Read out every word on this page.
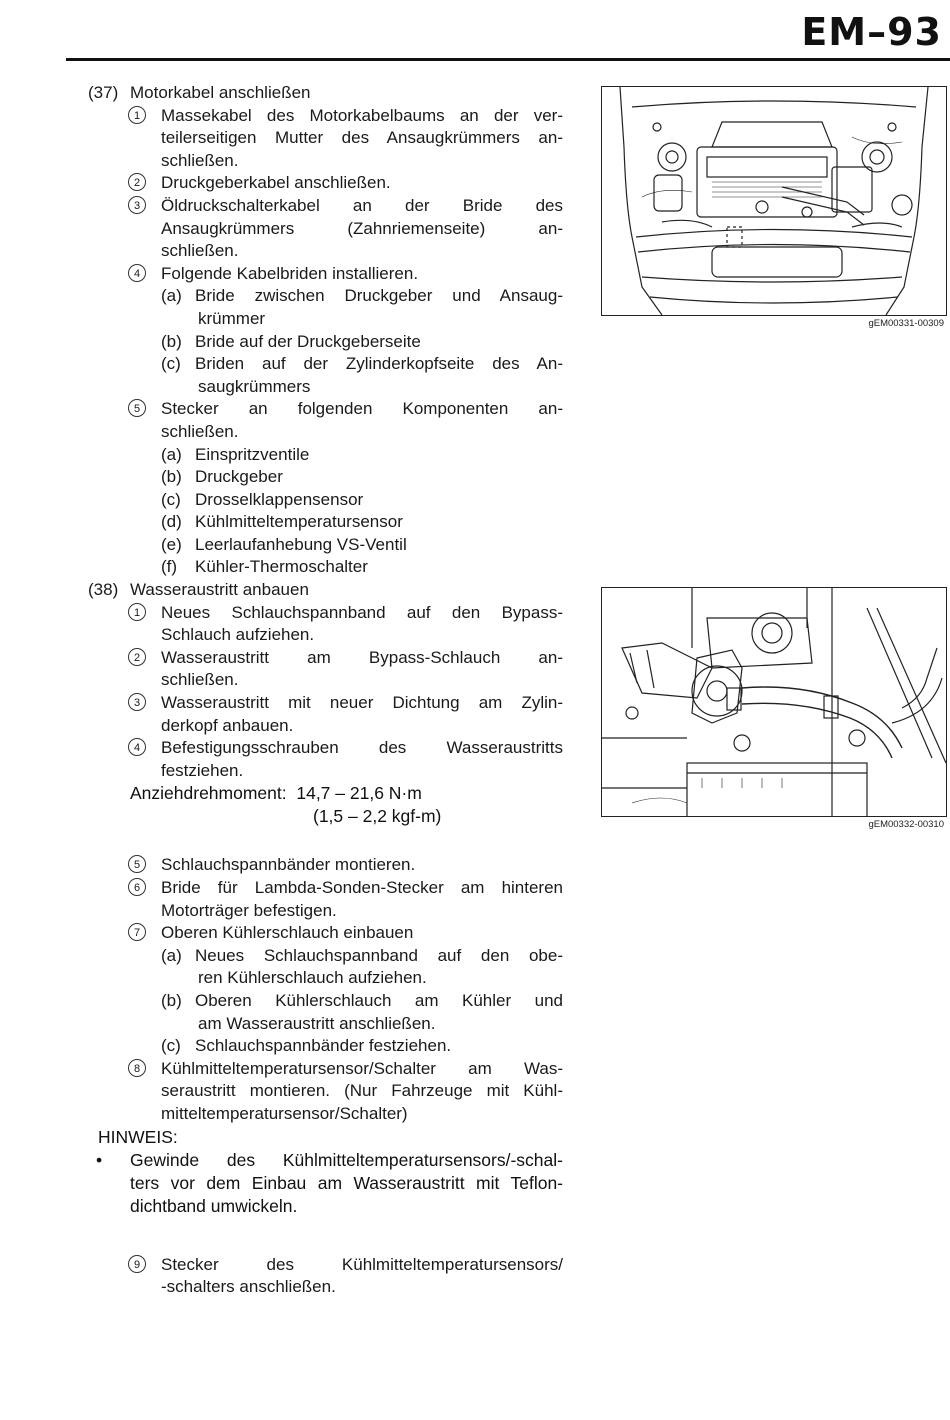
EM–93
(37) Motorkabel anschließen
1	Massekabel des Motorkabelbaums an der ver-
teilerseitigen Mutter des Ansaugkrümmers an-
schließen.
2	Druckgeberkabel anschließen.
3	Öldruckschalterkabel an der Bride des
Ansaugkrümmers (Zahnriemenseite) an-
schließen.
4	Folgende Kabelbriden installieren.
(a) Bride zwischen Druckgeber und Ansaug-
krümmer
(b) Bride auf der Druckgeberseite
(c) Briden auf der Zylinderkopfseite des An-
saugkrümmers
5	Stecker an folgenden Komponenten an-
schließen.
(a) Einspritzventile
(b) Druckgeber
(c) Drosselklappensensor
(d) Kühlmitteltemperatursensor
(e) Leerlaufanhebung VS-Ventil
(f) Kühler-Thermoschalter
(38) Wasseraustritt anbauen
1	Neues Schlauchspannband auf den Bypass-
Schlauch aufziehen.
2	Wasseraustritt am Bypass-Schlauch an-
schließen.
3	Wasseraustritt mit neuer Dichtung am Zylin-
derkopf anbauen.
4	Befestigungsschrauben des Wasseraustritts
festziehen.
Anziehdrehmoment: 14,7 – 21,6 N·m
(1,5 – 2,2 kgf-m)
5	Schlauchspannbänder montieren.
6	Bride für Lambda-Sonden-Stecker am hinteren
Motorträger befestigen.
7	Oberen Kühlerschlauch einbauen
(a) Neues Schlauchspannband auf den obe-
ren Kühlerschlauch aufziehen.
(b) Oberen Kühlerschlauch am Kühler und
am Wasseraustritt anschließen.
(c) Schlauchspannbänder festziehen.
8	Kühlmitteltemperatursensor/Schalter am Was-
seraustritt montieren. (Nur Fahrzeuge mit Kühl-
mitteltemperatursensor/Schalter)
HINWEIS:
• Gewinde des Kühlmitteltemperatursensors/-schal-
ters vor dem Einbau am Wasseraustritt mit Teflon-
dichtband umwickeln.
9	Stecker des Kühlmitteltemperatursensors/
-schalters anschließen.
gEM00331-00309
gEM00332-00310
